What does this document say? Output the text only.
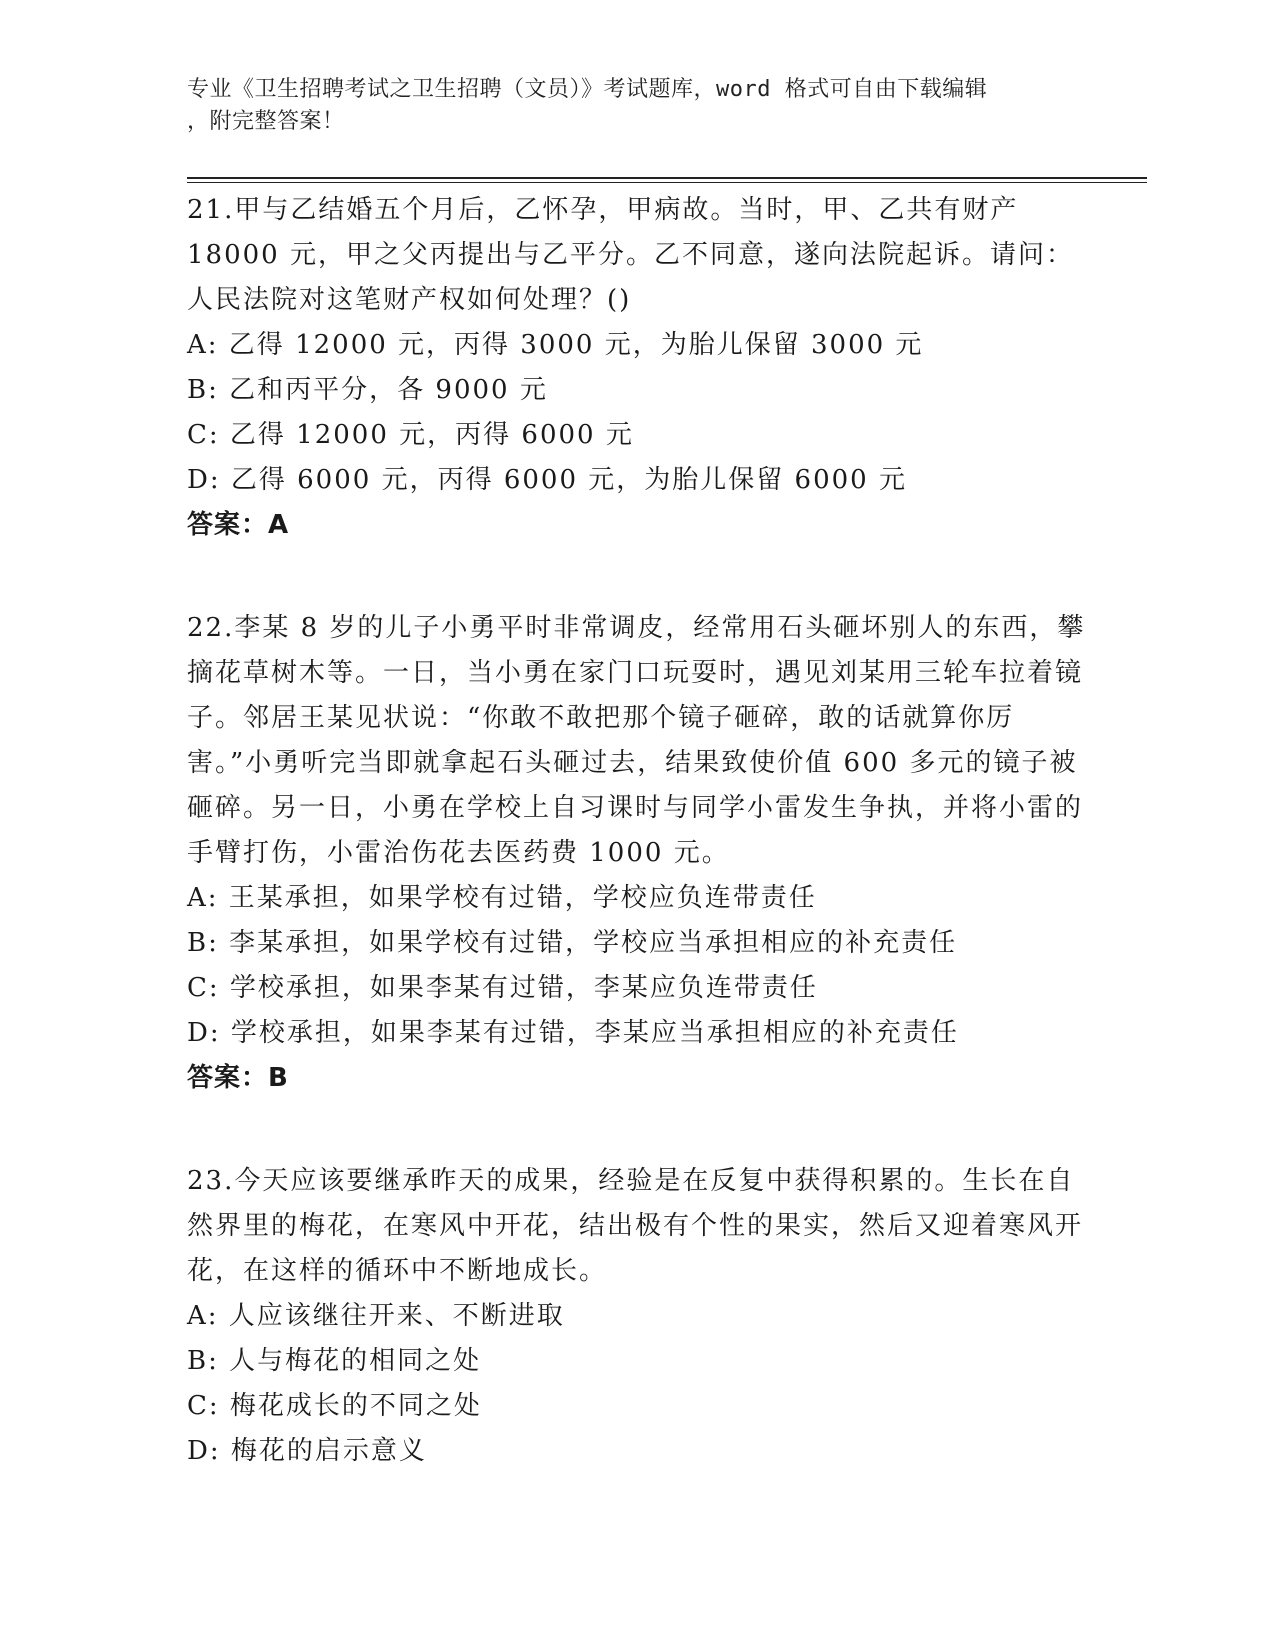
专业《卫生招聘考试之卫生招聘（文员）》考试题库，word 格式可自由下载编辑
，附完整答案！

21.甲与乙结婚五个月后，乙怀孕，甲病故。当时，甲、乙共有财产18000 元，甲之父丙提出与乙平分。乙不同意，遂向法院起诉。请问：人民法院对这笔财产权如何处理？()

A: 乙得 12000 元，丙得 3000 元，为胎儿保留 3000 元

B: 乙和丙平分，各 9000 元

C: 乙得 12000 元，丙得 6000 元

D: 乙得 6000 元，丙得 6000 元，为胎儿保留 6000 元

答案：A

22.李某 8 岁的儿子小勇平时非常调皮，经常用石头砸坏别人的东西，攀摘花草树木等。一日，当小勇在家门口玩耍时，遇见刘某用三轮车拉着镜子。邻居王某见状说：“你敢不敢把那个镜子砸碎，敢的话就算你厉害。”小勇听完当即就拿起石头砸过去，结果致使价值 600 多元的镜子被砸碎。另一日，小勇在学校上自习课时与同学小雷发生争执，并将小雷的手臂打伤，小雷治伤花去医药费 1000 元。

A: 王某承担，如果学校有过错，学校应负连带责任

B: 李某承担，如果学校有过错，学校应当承担相应的补充责任

C: 学校承担，如果李某有过错，李某应负连带责任

D: 学校承担，如果李某有过错，李某应当承担相应的补充责任

答案：B

23.今天应该要继承昨天的成果，经验是在反复中获得积累的。生长在自然界里的梅花，在寒风中开花，结出极有个性的果实，然后又迎着寒风开花，在这样的循环中不断地成长。

A: 人应该继往开来、不断进取

B: 人与梅花的相同之处

C: 梅花成长的不同之处

D: 梅花的启示意义
